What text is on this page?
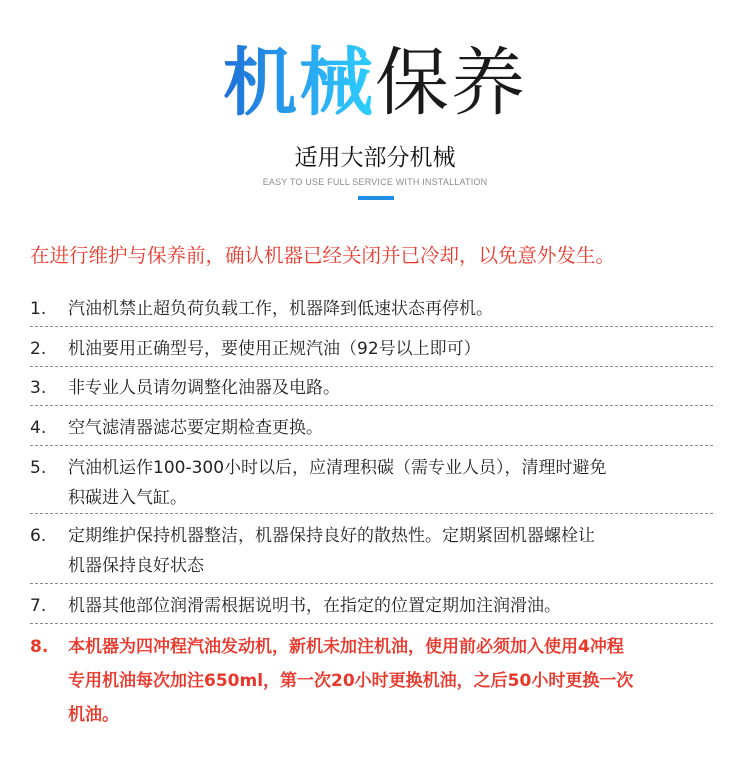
机械保养
适用大部分机械
EASY TO USE FULL SERVICE WITH INSTALLATION
在进行维护与保养前，确认机器已经关闭并已冷却，以免意外发生。
1.	汽油机禁止超负荷负载工作，机器降到低速状态再停机。
2.	机油要用正确型号，要使用正规汽油（92号以上即可）
3.	非专业人员请勿调整化油器及电路。
4.	空气滤清器滤芯要定期检查更换。
5.	汽油机运作100-300小时以后，应清理积碳（需专业人员），清理时避免
积碳进入气缸。
6.	定期维护保持机器整洁，机器保持良好的散热性。定期紧固机器螺栓让
机器保持良好状态
7.	机器其他部位润滑需根据说明书，在指定的位置定期加注润滑油。
8.	本机器为四冲程汽油发动机，新机未加注机油，使用前必须加入使用4冲程
专用机油每次加注650ml，第一次20小时更换机油，之后50小时更换一次
机油。
